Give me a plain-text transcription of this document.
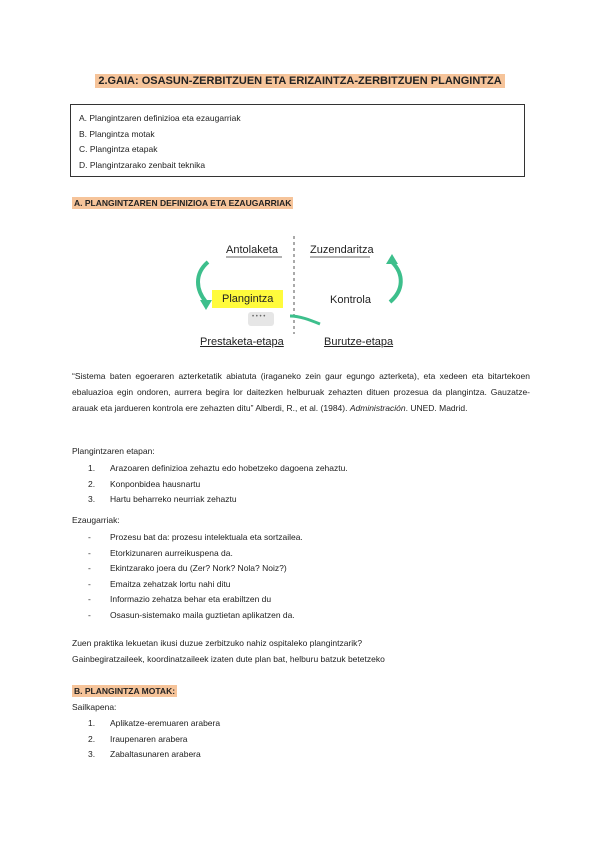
2.GAIA: OSASUN-ZERBITZUEN ETA ERIZAINTZA-ZERBITZUEN PLANGINTZA
A. Plangintzaren definizioa eta ezaugarriak
B. Plangintza motak
C. Plangintza etapak
D. Plangintzarako zenbait teknika
A. PLANGINTZAREN DEFINIZIOA ETA EZAUGARRIAK
Antolaketa	Zuzendaritza
Plangintza	Kontrola
• • • •
Prestaketa-etapa	Burutze-etapa
“Sistema baten egoeraren azterketatik abiatuta (iraganeko zein gaur egungo azterketa), eta xedeen eta bitartekoen ebaluazioa egin ondoren, aurrera begira lor daitezken helburuak zehazten dituen prozesua da plangintza. Gauzatze-arauak eta jardueren kontrola ere zehazten ditu” Alberdi, R., et al. (1984). Administración. UNED. Madrid.
Plangintzaren etapan:
1.	Arazoaren definizioa zehaztu edo hobetzeko dagoena zehaztu.
2.	Konponbidea hausnartu
3.	Hartu beharreko neurriak zehaztu
Ezaugarriak:
-	Prozesu bat da: prozesu intelektuala eta sortzailea.
-	Etorkizunaren aurreikuspena da.
-	Ekintzarako joera du (Zer? Nork? Nola? Noiz?)
-	Emaitza zehatzak lortu nahi ditu
-	Informazio zehatza behar eta erabiltzen du
-	Osasun-sistemako maila guztietan aplikatzen da.
Zuen praktika lekuetan ikusi duzue zerbitzuko nahiz ospitaleko plangintzarik?
Gainbegiratzaileek, koordinatzaileek izaten dute plan bat, helburu batzuk betetzeko
B. PLANGINTZA MOTAK:
Sailkapena:
1.	Aplikatze-eremuaren arabera
2.	Iraupenaren arabera
3.	Zabaltasunaren arabera
